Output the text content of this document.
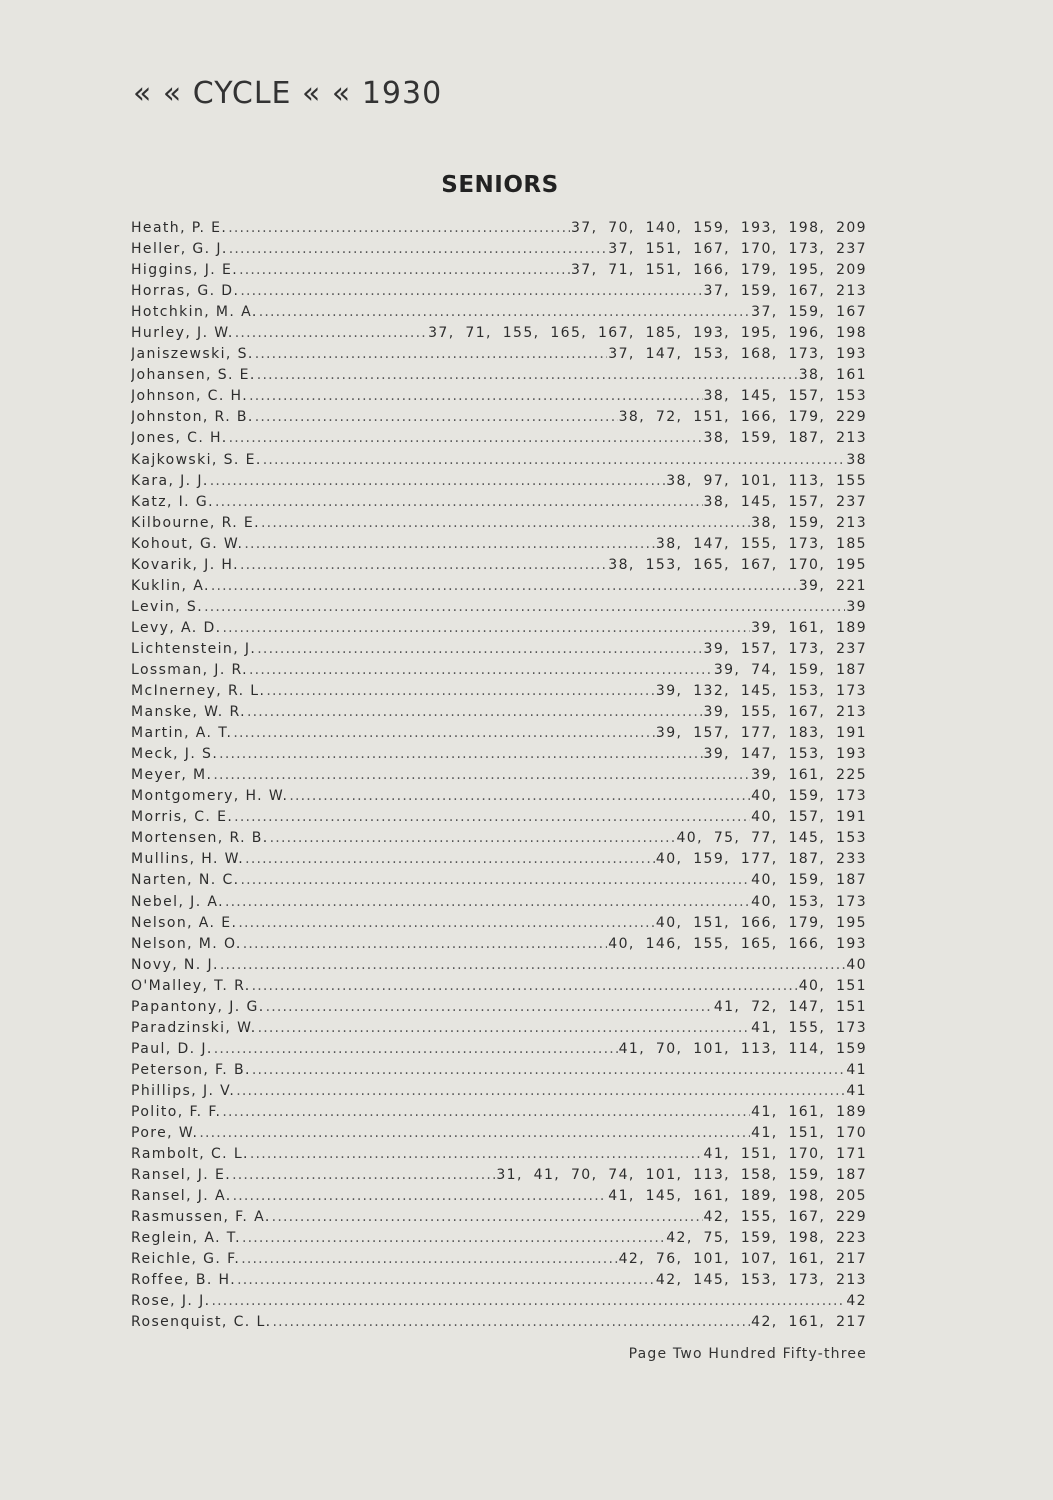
« « CYCLE « « 1930
SENIORS
Heath, P. E. .....	37, 70, 140, 159, 193, 198, 209
Heller, G. J. .....	37, 151, 167, 170, 173, 237
Higgins, J. E. .....	37, 71, 151, 166, 179, 195, 209
Horras, G. D. .....	37, 159, 167, 213
Hotchkin, M. A. .....	37, 159, 167
Hurley, J. W. .....	37, 71, 155, 165, 167, 185, 193, 195, 196, 198
Janiszewski, S. .....	37, 147, 153, 168, 173, 193
Johansen, S. E. .....	38, 161
Johnson, C. H. .....	38, 145, 157, 153
Johnston, R. B. .....	38, 72, 151, 166, 179, 229
Jones, C. H. .....	38, 159, 187, 213
Kajkowski, S. E. .....	38
Kara, J. J. .....	38, 97, 101, 113, 155
Katz, I. G. .....	38, 145, 157, 237
Kilbourne, R. E. .....	38, 159, 213
Kohout, G. W. .....	38, 147, 155, 173, 185
Kovarik, J. H. .....	38, 153, 165, 167, 170, 195
Kuklin, A. .....	39, 221
Levin, S. .....	39
Levy, A. D. .....	39, 161, 189
Lichtenstein, J. .....	39, 157, 173, 237
Lossman, J. R. .....	39, 74, 159, 187
McInerney, R. L. .....	39, 132, 145, 153, 173
Manske, W. R. .....	39, 155, 167, 213
Martin, A. T. .....	39, 157, 177, 183, 191
Meck, J. S. .....	39, 147, 153, 193
Meyer, M. .....	39, 161, 225
Montgomery, H. W. .....	40, 159, 173
Morris, C. E. .....	40, 157, 191
Mortensen, R. B. .....	40, 75, 77, 145, 153
Mullins, H. W. .....	40, 159, 177, 187, 233
Narten, N. C. .....	40, 159, 187
Nebel, J. A. .....	40, 153, 173
Nelson, A. E. .....	40, 151, 166, 179, 195
Nelson, M. O. .....	40, 146, 155, 165, 166, 193
Novy, N. J. .....	40
O'Malley, T. R. .....	40, 151
Papantony, J. G. .....	41, 72, 147, 151
Paradzinski, W. .....	41, 155, 173
Paul, D. J. .....	41, 70, 101, 113, 114, 159
Peterson, F. B. .....	41
Phillips, J. V. .....	41
Polito, F. F. .....	41, 161, 189
Pore, W. .....	41, 151, 170
Rambolt, C. L. .....	41, 151, 170, 171
Ransel, J. E. .....	31, 41, 70, 74, 101, 113, 158, 159, 187
Ransel, J. A. .....	41, 145, 161, 189, 198, 205
Rasmussen, F. A. .....	42, 155, 167, 229
Reglein, A. T. .....	42, 75, 159, 198, 223
Reichle, G. F. .....	42, 76, 101, 107, 161, 217
Roffee, B. H. .....	42, 145, 153, 173, 213
Rose, J. J. .....	42
Rosenquist, C. L. .....	42, 161, 217
Page Two Hundred Fifty-three
